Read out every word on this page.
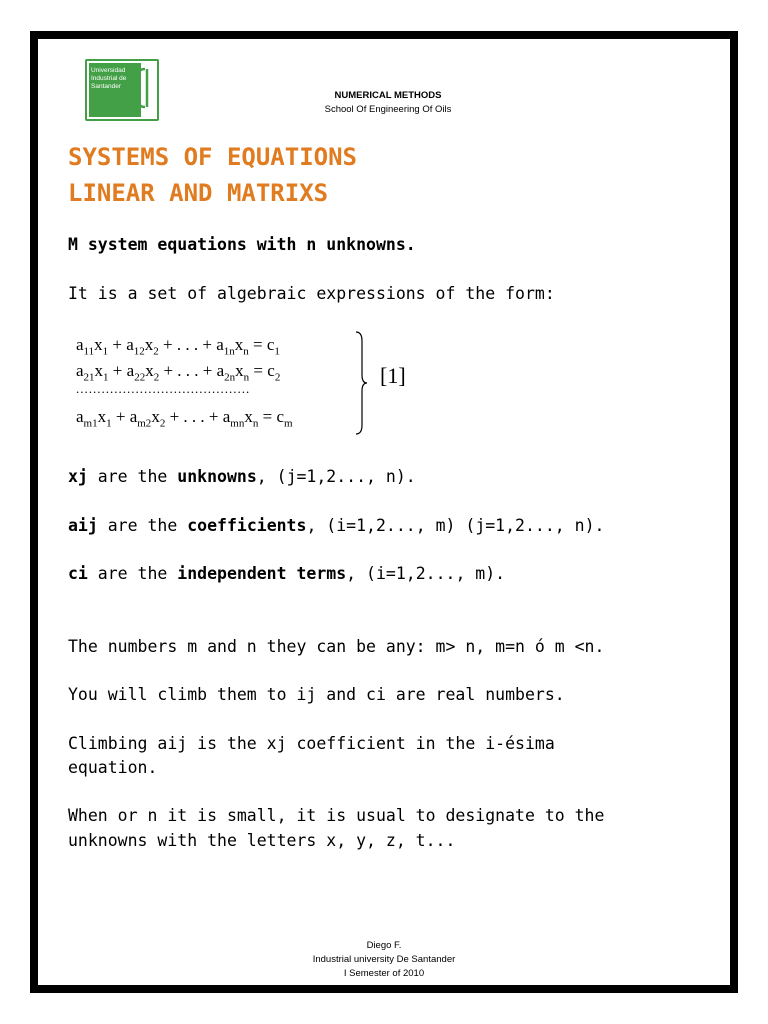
Universidad
Industrial de
Santander
NUMERICAL METHODS
School Of Engineering Of Oils
SYSTEMS OF EQUATIONS
LINEAR AND MATRIXS
M system equations with n unknowns.
It is a set of algebraic expressions of the form:
$a_{11}x_1 + a_{12}x_2$ + . . . + $a_{1n}x_n = c_1$
$a_{21}x_1 + a_{22}x_2$ + . . . + $a_{2n}x_n = c_2$
.........................................
$a_{m1}x_1 + a_{m2}x_2$ + . . . + $a_{mn}x_n = c_m$
[1]
xj are the unknowns, (j=1,2..., n).
aij are the coefficients, (i=1,2..., m) (j=1,2..., n).
ci are the independent terms, (i=1,2..., m).
The numbers m and n they can be any: m> n, m=n ó m <n.
You will climb them to ij and ci are real numbers.
Climbing aij is the xj coefficient in the i-ésima
equation.
When or n it is small, it is usual to designate to the
unknowns with the letters x, y, z, t...
Diego F.
Industrial university De Santander
I Semester of 2010
